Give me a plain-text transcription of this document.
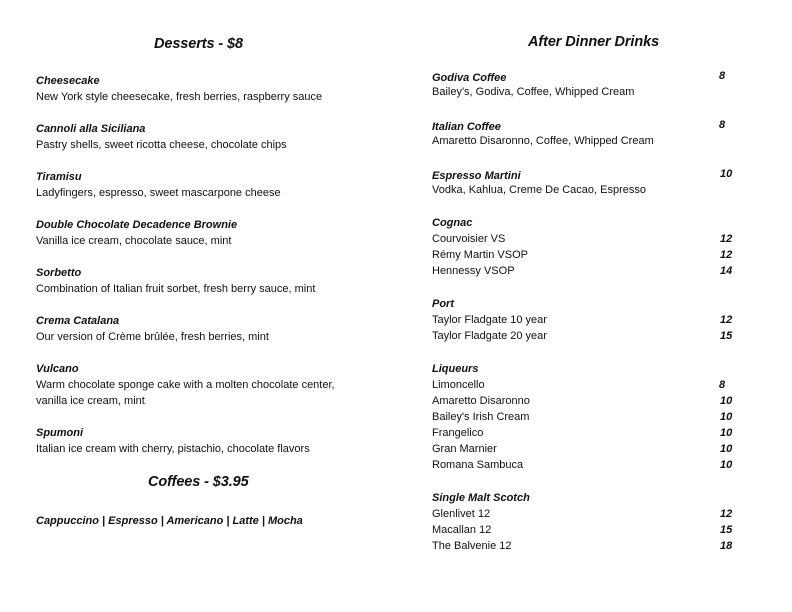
Desserts - $8
Cheesecake
New York style cheesecake, fresh berries, raspberry sauce
Cannoli alla Siciliana
Pastry shells, sweet ricotta cheese, chocolate chips
Tiramisu
Ladyfingers, espresso, sweet mascarpone cheese
Double Chocolate Decadence Brownie
Vanilla ice cream, chocolate sauce, mint
Sorbetto
Combination of Italian fruit sorbet, fresh berry sauce, mint
Crema Catalana
Our version of Crème brûlée, fresh berries, mint
Vulcano
Warm chocolate sponge cake with a molten chocolate center, vanilla ice cream, mint
Spumoni
Italian ice cream with cherry, pistachio, chocolate flavors
Coffees - $3.95
Cappuccino | Espresso | Americano | Latte | Mocha
After Dinner Drinks
Godiva Coffee	8
Bailey's, Godiva, Coffee, Whipped Cream
Italian Coffee	8
Amaretto Disaronno, Coffee, Whipped Cream
Espresso Martini	10
Vodka, Kahlua, Creme De Cacao, Espresso
Cognac
Courvoisier VS	12
Rémy Martin VSOP	12
Hennessy VSOP	14
Port
Taylor Fladgate 10 year	12
Taylor Fladgate 20 year	15
Liqueurs
Limoncello	8
Amaretto Disaronno	10
Bailey's Irish Cream	10
Frangelico	10
Gran Marnier	10
Romana Sambuca	10
Single Malt Scotch
Glenlivet 12	12
Macallan 12	15
The Balvenie 12	18
